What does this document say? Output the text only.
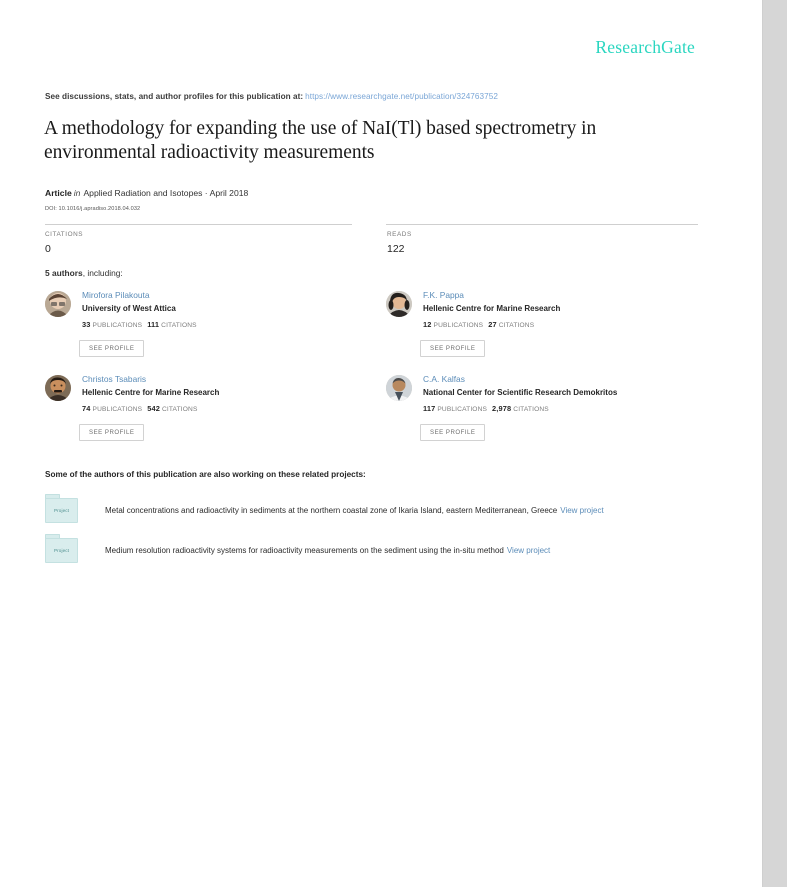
ResearchGate
See discussions, stats, and author profiles for this publication at: https://www.researchgate.net/publication/324763752
A methodology for expanding the use of NaI(Tl) based spectrometry in environmental radioactivity measurements
Article in Applied Radiation and Isotopes · April 2018
DOI: 10.1016/j.apradiso.2018.04.032
CITATIONS
0
READS
122
5 authors, including:
Mirofora Pilakouta
University of West Attica
33 PUBLICATIONS 111 CITATIONS
SEE PROFILE
F.K. Pappa
Hellenic Centre for Marine Research
12 PUBLICATIONS 27 CITATIONS
SEE PROFILE
Christos Tsabaris
Hellenic Centre for Marine Research
74 PUBLICATIONS 542 CITATIONS
SEE PROFILE
C.A. Kalfas
National Center for Scientific Research Demokritos
117 PUBLICATIONS 2,978 CITATIONS
SEE PROFILE
Some of the authors of this publication are also working on these related projects:
Project	Metal concentrations and radioactivity in sediments at the northern coastal zone of Ikaria Island, eastern Mediterranean, Greece View project
Project	Medium resolution radioactivity systems for radioactivity measurements on the sediment using the in-situ method View project
